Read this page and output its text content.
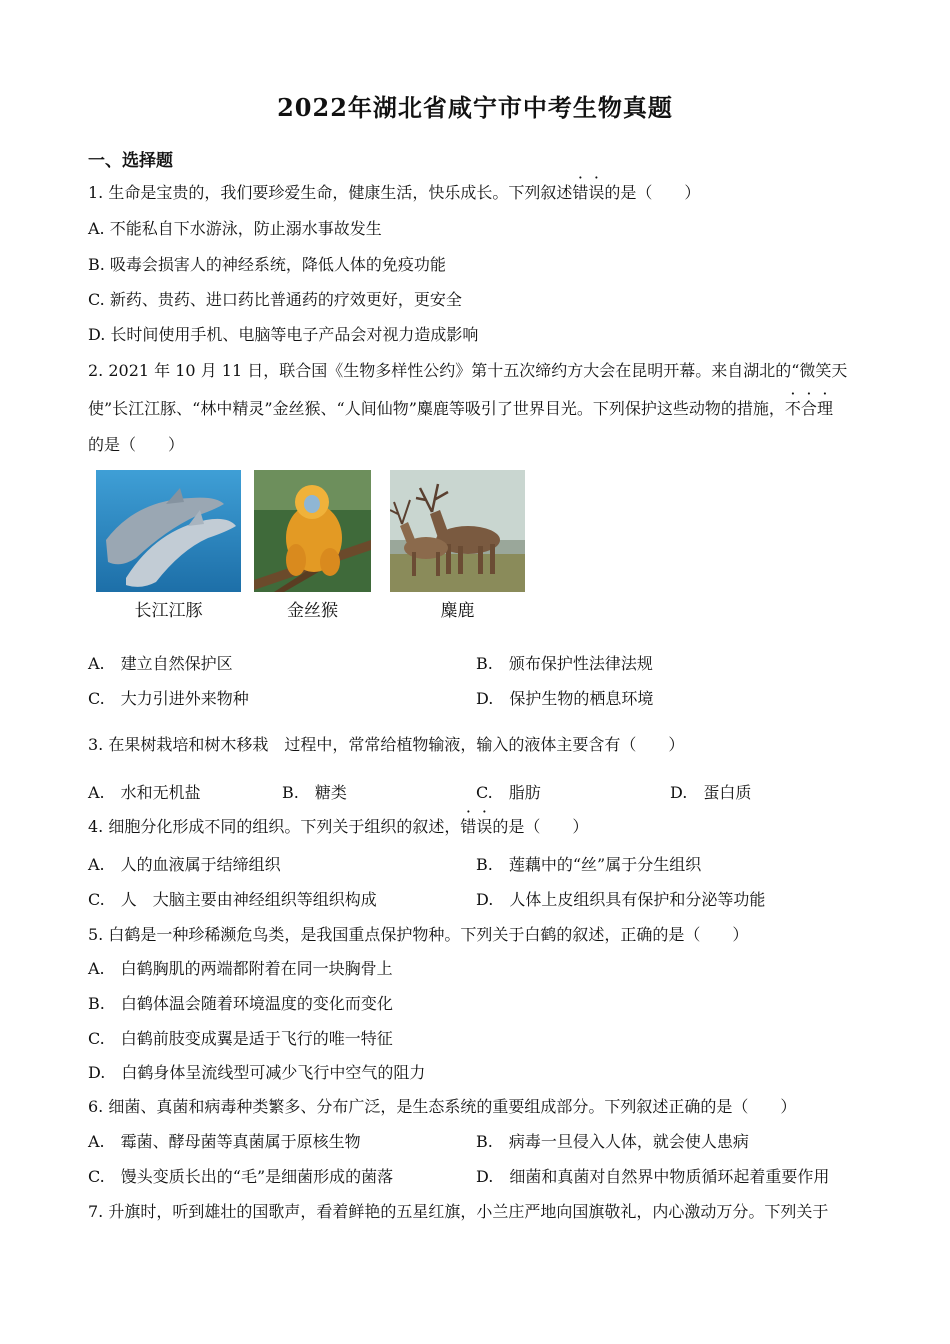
2022年湖北省咸宁市中考生物真题
一、选择题
1. 生命是宝贵的，我们要珍爱生命，健康生活，快乐成长。下列叙述错误的是（　　）
A. 不能私自下水游泳，防止溺水事故发生
B. 吸毒会损害人的神经系统，降低人体的免疫功能
C. 新药、贵药、进口药比普通药的疗效更好，更安全
D. 长时间使用手机、电脑等电子产品会对视力造成影响
2. 2021 年 10 月 11 日，联合国《生物多样性公约》第十五次缔约方大会在昆明开幕。来自湖北的“微笑天
使”长江江豚、“林中精灵”金丝猴、“人间仙物”麋鹿等吸引了世界目光。下列保护这些动物的措施，不合理
的是（　　）
长江江豚	金丝猴	麋鹿
A.　建立自然保护区	B.　颁布保护性法律法规
C.　大力引进外来物种	D.　保护生物的栖息环境
3. 在果树栽培和树木移栽　过程中，常常给植物输液，输入的液体主要含有（　　）
A.　水和无机盐	B.　糖类	C.　脂肪	D.　蛋白质
4. 细胞分化形成不同的组织。下列关于组织的叙述，错误的是（　　）
A.　人的血液属于结缔组织	B.　莲藕中的“丝”属于分生组织
C.　人　大脑主要由神经组织等组织构成	D.　人体上皮组织具有保护和分泌等功能
5. 白鹤是一种珍稀濒危鸟类，是我国重点保护物种。下列关于白鹤的叙述，正确的是（　　）
A.　白鹤胸肌的两端都附着在同一块胸骨上
B.　白鹤体温会随着环境温度的变化而变化
C.　白鹤前肢变成翼是适于飞行的唯一特征
D.　白鹤身体呈流线型可减少飞行中空气的阻力
6. 细菌、真菌和病毒种类繁多、分布广泛，是生态系统的重要组成部分。下列叙述正确的是（　　）
A.　霉菌、酵母菌等真菌属于原核生物	B.　病毒一旦侵入人体，就会使人患病
C.　馒头变质长出的“毛”是细菌形成的菌落	D.　细菌和真菌对自然界中物质循环起着重要作用
7. 升旗时，听到雄壮的国歌声，看着鲜艳的五星红旗，小兰庄严地向国旗敬礼，内心激动万分。下列关于
